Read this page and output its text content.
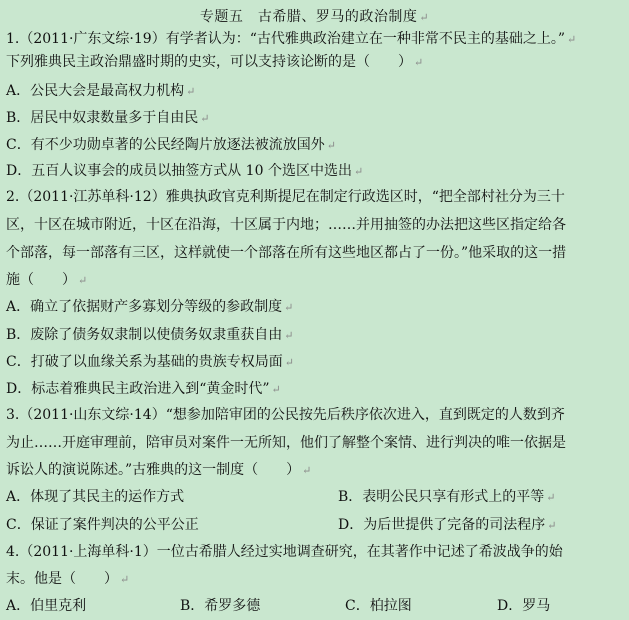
专题五　古希腊、罗马的政治制度 ↵
1.（2011·广东文综·19）有学者认为：“古代雅典政治建立在一种非常不民主的基础之上。” ↵
下列雅典民主政治鼎盛时期的史实，可以支持该论断的是（　　） ↵
A．公民大会是最高权力机构 ↵
B．居民中奴隶数量多于自由民 ↵
C．有不少功勋卓著的公民经陶片放逐法被流放国外 ↵
D．五百人议事会的成员以抽签方式从 10 个选区中选出 ↵
2.（2011·江苏单科·12）雅典执政官克利斯提尼在制定行政选区时，“把全部村社分为三十
区，十区在城市附近，十区在沿海，十区属于内地；……并用抽签的办法把这些区指定给各
个部落，每一部落有三区，这样就使一个部落在所有这些地区都占了一份。”他采取的这一措
施（　　） ↵
A．确立了依据财产多寡划分等级的参政制度 ↵
B．废除了债务奴隶制以使债务奴隶重获自由 ↵
C．打破了以血缘关系为基础的贵族专权局面 ↵
D．标志着雅典民主政治进入到“黄金时代” ↵
3.（2011·山东文综·14）“想参加陪审团的公民按先后秩序依次进入，直到既定的人数到齐
为止……开庭审理前，陪审员对案件一无所知，他们了解整个案情、进行判决的唯一依据是
诉讼人的演说陈述。”古雅典的这一制度（　　） ↵
A．体现了其民主的运作方式	B．表明公民只享有形式上的平等 ↵
C．保证了案件判决的公平公正	D．为后世提供了完备的司法程序 ↵
4.（2011·上海单科·1）一位古希腊人经过实地调查研究，在其著作中记述了希波战争的始
末。他是（　　） ↵
A．伯里克利	B．希罗多德	C．柏拉图	D．罗马
